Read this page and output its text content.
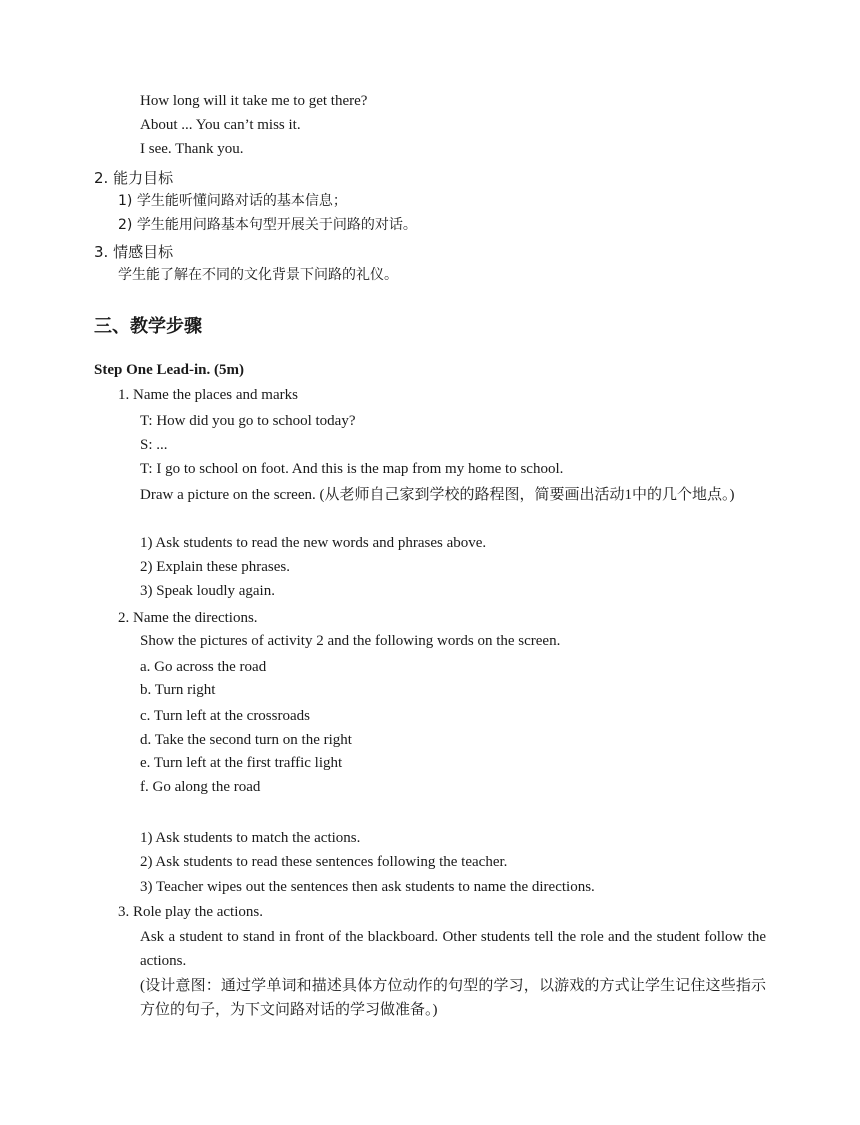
How long will it take me to get there?
About ... You can’t miss it.
I see. Thank you.
2. 能力目标
1) 学生能听懂问路对话的基本信息；
2) 学生能用问路基本句型开展关于问路的对话。
3. 情感目标
学生能了解在不同的文化背景下问路的礼仪。
三、教学步骤
Step One Lead-in. (5m)
1. Name the places and marks
T: How did you go to school today?
S: ...
T: I go to school on foot. And this is the map from my home to school.
Draw a picture on the screen. (从老师自己家到学校的路程图，简要画出活动1中的几个地点。)
1) Ask students to read the new words and phrases above.
2) Explain these phrases.
3) Speak loudly again.
2. Name the directions.
Show the pictures of activity 2 and the following words on the screen.
a. Go across the road
b. Turn right
c. Turn left at the crossroads
d. Take the second turn on the right
e. Turn left at the first traffic light
f. Go along the road
1) Ask students to match the actions.
2) Ask students to read these sentences following the teacher.
3) Teacher wipes out the sentences then ask students to name the directions.
3. Role play the actions.
Ask a student to stand in front of the blackboard. Other students tell the role and the student follow the actions.
(设计意图：通过学单词和描述具体方位动作的句型的学习，以游戏的方式让学生记住这些指示方位的句子，为下文问路对话的学习做准备。)
